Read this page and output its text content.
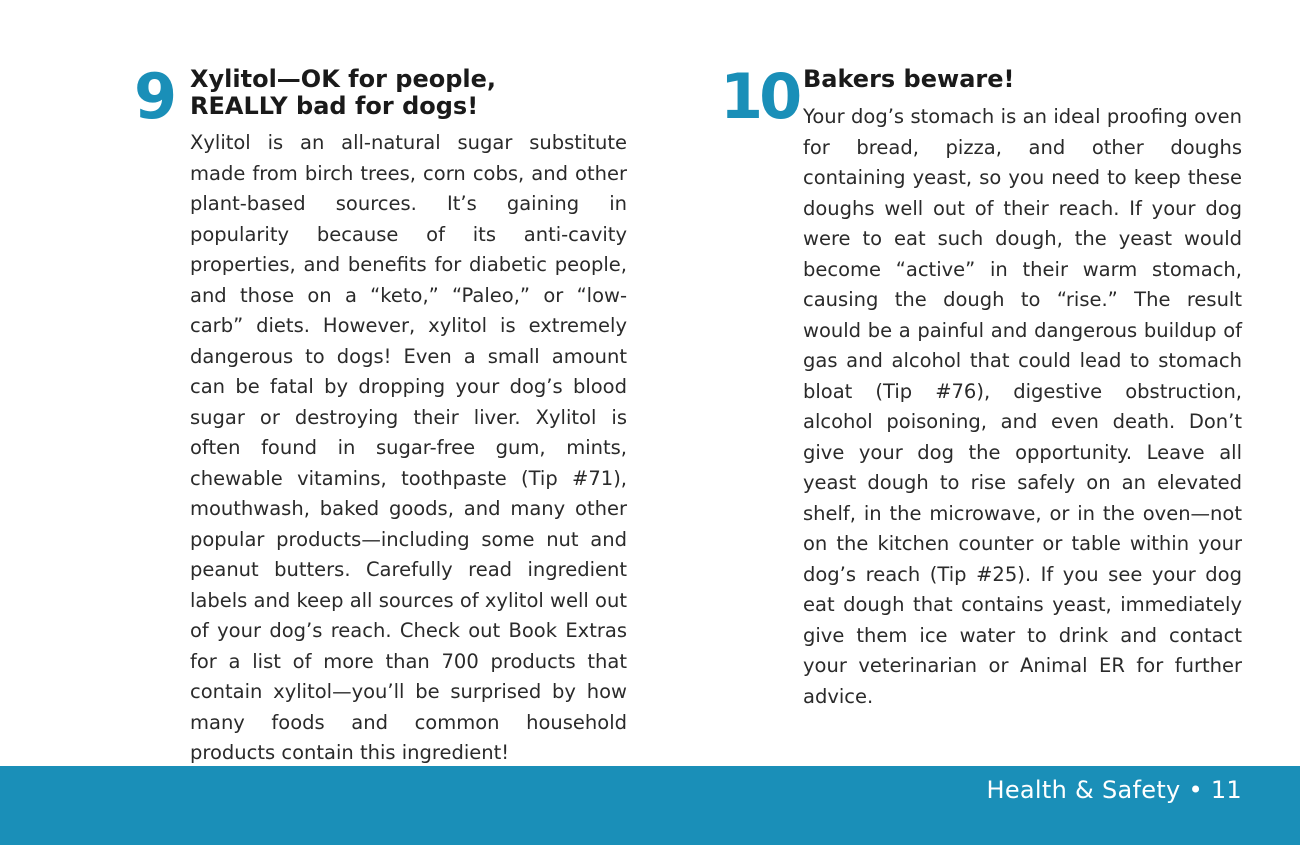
9 Xylitol—OK for people,
REALLY bad for dogs!

Xylitol is an all-natural sugar substitute made from birch trees, corn cobs, and other plant-based sources. It’s gaining in popularity because of its anti-cavity properties, and benefits for diabetic people, and those on a “keto,” “Paleo,” or “low-carb” diets. However, xylitol is extremely dangerous to dogs! Even a small amount can be fatal by dropping your dog’s blood sugar or destroying their liver. Xylitol is often found in sugar-free gum, mints, chewable vitamins, toothpaste (Tip #71), mouthwash, baked goods, and many other popular products—including some nut and peanut butters. Carefully read ingredient labels and keep all sources of xylitol well out of your dog’s reach. Check out Book Extras for a list of more than 700 products that contain xylitol—you’ll be surprised by how many foods and common household products contain this ingredient!

10 Bakers beware!

Your dog’s stomach is an ideal proofing oven for bread, pizza, and other doughs containing yeast, so you need to keep these doughs well out of their reach. If your dog were to eat such dough, the yeast would become “active” in their warm stomach, causing the dough to “rise.” The result would be a painful and dangerous buildup of gas and alcohol that could lead to stomach bloat (Tip #76), digestive obstruction, alcohol poisoning, and even death. Don’t give your dog the opportunity. Leave all yeast dough to rise safely on an elevated shelf, in the microwave, or in the oven—not on the kitchen counter or table within your dog’s reach (Tip #25). If you see your dog eat dough that contains yeast, immediately give them ice water to drink and contact your veterinarian or Animal ER for further advice.

Health & Safety • 11
